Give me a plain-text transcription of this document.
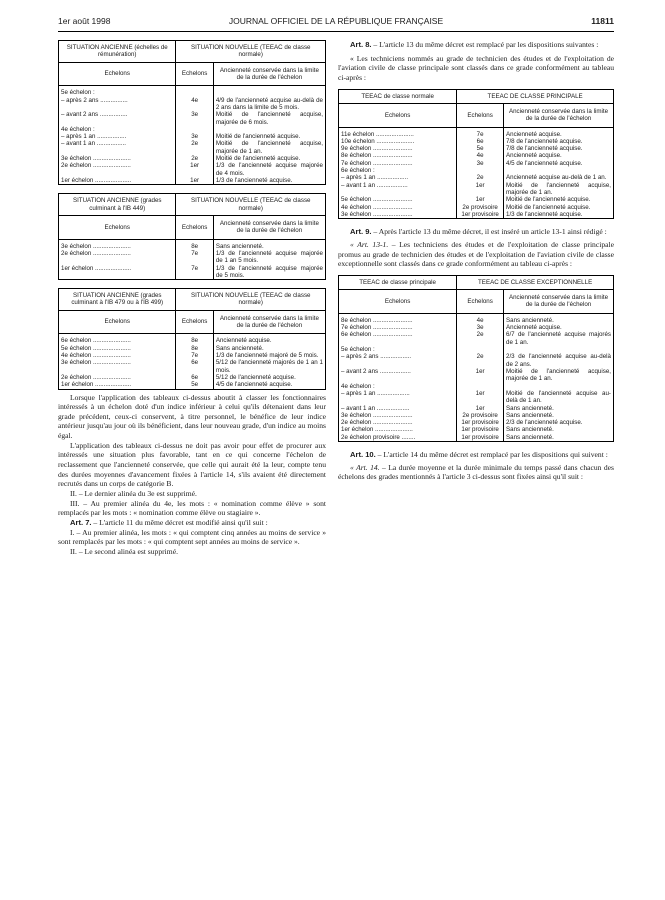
1er août 1998	JOURNAL OFFICIEL DE LA RÉPUBLIQUE FRANÇAISE	11811
SITUATION ANCIENNE (échelles de rémunération)	SITUATION NOUVELLE (TEEAC de classe normale)	
Echelons	Echelons	Ancienneté conservée dans la limite de la durée de l'échelon
5e échelon :		
– après 2 ans ................	4e	4/9 de l'ancienneté acquise au-delà de 2 ans dans la limite de 5 mois.
– avant 2 ans ................	3e	Moitié de l'ancienneté acquise, majorée de 6 mois.
4e échelon :		
– après 1 an .................	3e	Moitié de l'ancienneté acquise.
– avant 1 an .................	2e	Moitié de l'ancienneté acquise, majorée de 1 an.
3e échelon ......................	2e	Moitié de l'ancienneté acquise.
2e échelon ......................	1er	1/3 de l'ancienneté acquise majorée de 4 mois.
1er échelon .....................	1er	1/3 de l'ancienneté acquise.
SITUATION ANCIENNE (grades culminant à l'IB 449)	SITUATION NOUVELLE (TEEAC de classe normale)	
Echelons	Echelons	Ancienneté conservée dans la limite de la durée de l'échelon
3e échelon ......................	8e	Sans ancienneté.
2e échelon ......................	7e	1/3 de l'ancienneté acquise majorée de 1 an 5 mois.
1er échelon .....................	7e	1/3 de l'ancienneté acquise majorée de 5 mois.
SITUATION ANCIENNE (grades culminant à l'IB 479 ou à l'IB 499)	SITUATION NOUVELLE (TEEAC de classe normale)	
Echelons	Echelons	Ancienneté conservée dans la limite de la durée de l'échelon
6e échelon ......................	8e	Ancienneté acquise.
5e échelon ......................	8e	Sans ancienneté.
4e échelon ......................	7e	1/3 de l'ancienneté majoré de 5 mois.
3e échelon ......................	6e	5/12 de l'ancienneté majorés de 1 an 1 mois.
2e échelon ......................	6e	5/12 de l'ancienneté acquise.
1er échelon .....................	5e	4/5 de l'ancienneté acquise.

Lorsque l'application des tableaux ci-dessus aboutit à classer les fonctionnaires intéressés à un échelon doté d'un indice inférieur à celui qu'ils détenaient dans leur grade précédent, ceux-ci conservent, à titre personnel, le bénéfice de leur indice antérieur jusqu'au jour où ils bénéficient, dans leur nouveau grade, d'un indice au moins égal.

L'application des tableaux ci-dessus ne doit pas avoir pour effet de procurer aux intéressés une situation plus favorable, tant en ce qui concerne l'échelon de reclassement que l'ancienneté conservée, que celle qui aurait été la leur, compte tenu des durées moyennes d'avancement fixées à l'article 14, s'ils avaient été directement recrutés dans un corps de catégorie B.

II. – Le dernier alinéa du 3e est supprimé.

III. – Au premier alinéa du 4e, les mots : « nomination comme élève » sont remplacés par les mots : « nomination comme élève ou stagiaire ».

Art. 7. – L'article 11 du même décret est modifié ainsi qu'il suit :

I. – Au premier alinéa, les mots : « qui comptent cinq années au moins de service » sont remplacés par les mots : « qui comptent sept années au moins de service ».

II. – Le second alinéa est supprimé.

Art. 8. – L'article 13 du même décret est remplacé par les dispositions suivantes :

« Les techniciens nommés au grade de technicien des études et de l'exploitation de l'aviation civile de classe principale sont classés dans ce grade conformément au tableau ci-après :

TEEAC de classe normale	TEEAC DE CLASSE PRINCIPALE	
Echelons	Echelons	Ancienneté conservée dans la limite de la durée de l'échelon
11e échelon ......................	7e	Ancienneté acquise.
10e échelon ......................	6e	7/8 de l'ancienneté acquise.
9e échelon .......................	5e	7/8 de l'ancienneté acquise.
8e échelon .......................	4e	Ancienneté acquise.
7e échelon .......................	3e	4/5 de l'ancienneté acquise.
6e échelon :		
– après 1 an ..................	2e	Ancienneté acquise au-delà de 1 an.
– avant 1 an ..................	1er	Moitié de l'ancienneté acquise, majorée de 1 an.
5e échelon .......................	1er	Moitié de l'ancienneté acquise.
4e échelon .......................	2e provisoire	Moitié de l'ancienneté acquise.
3e échelon .......................	1er provisoire	1/3 de l'ancienneté acquise.

Art. 9. – Après l'article 13 du même décret, il est inséré un article 13-1 ainsi rédigé :

« Art. 13-1. – Les techniciens des études et de l'exploitation de classe principale promus au grade de technicien des études et de l'exploitation de l'aviation civile de classe exceptionnelle sont classés dans ce grade conformément au tableau ci-après :

TEEAC de classe principale	TEEAC DE CLASSE EXCEPTIONNELLE	
Echelons	Echelons	Ancienneté conservée dans la limite de la durée de l'échelon
8e échelon .......................	4e	Sans ancienneté.
7e échelon .......................	3e	Ancienneté acquise.
6e échelon .......................	2e	6/7 de l'ancienneté acquise majorés de 1 an.
5e échelon :		
– après 2 ans ..................	2e	2/3 de l'ancienneté acquise au-delà de 2 ans.
– avant 2 ans ..................	1er	Moitié de l'ancienneté acquise, majorée de 1 an.
4e échelon :		
– après 1 an ...................	1er	Moitié de l'ancienneté acquise au-delà de 1 an.
– avant 1 an ...................	1er	Sans ancienneté.
3e échelon .......................	2e provisoire	Sans ancienneté.
2e échelon .......................	1er provisoire	2/3 de l'ancienneté acquise.
1er échelon ......................	1er provisoire	Sans ancienneté.
2e échelon provisoire ........	1er provisoire	Sans ancienneté.

Art. 10. – L'article 14 du même décret est remplacé par les dispositions qui suivent :

« Art. 14. – La durée moyenne et la durée minimale du temps passé dans chacun des échelons des grades mentionnés à l'article 3 ci-dessus sont fixées ainsi qu'il suit :
